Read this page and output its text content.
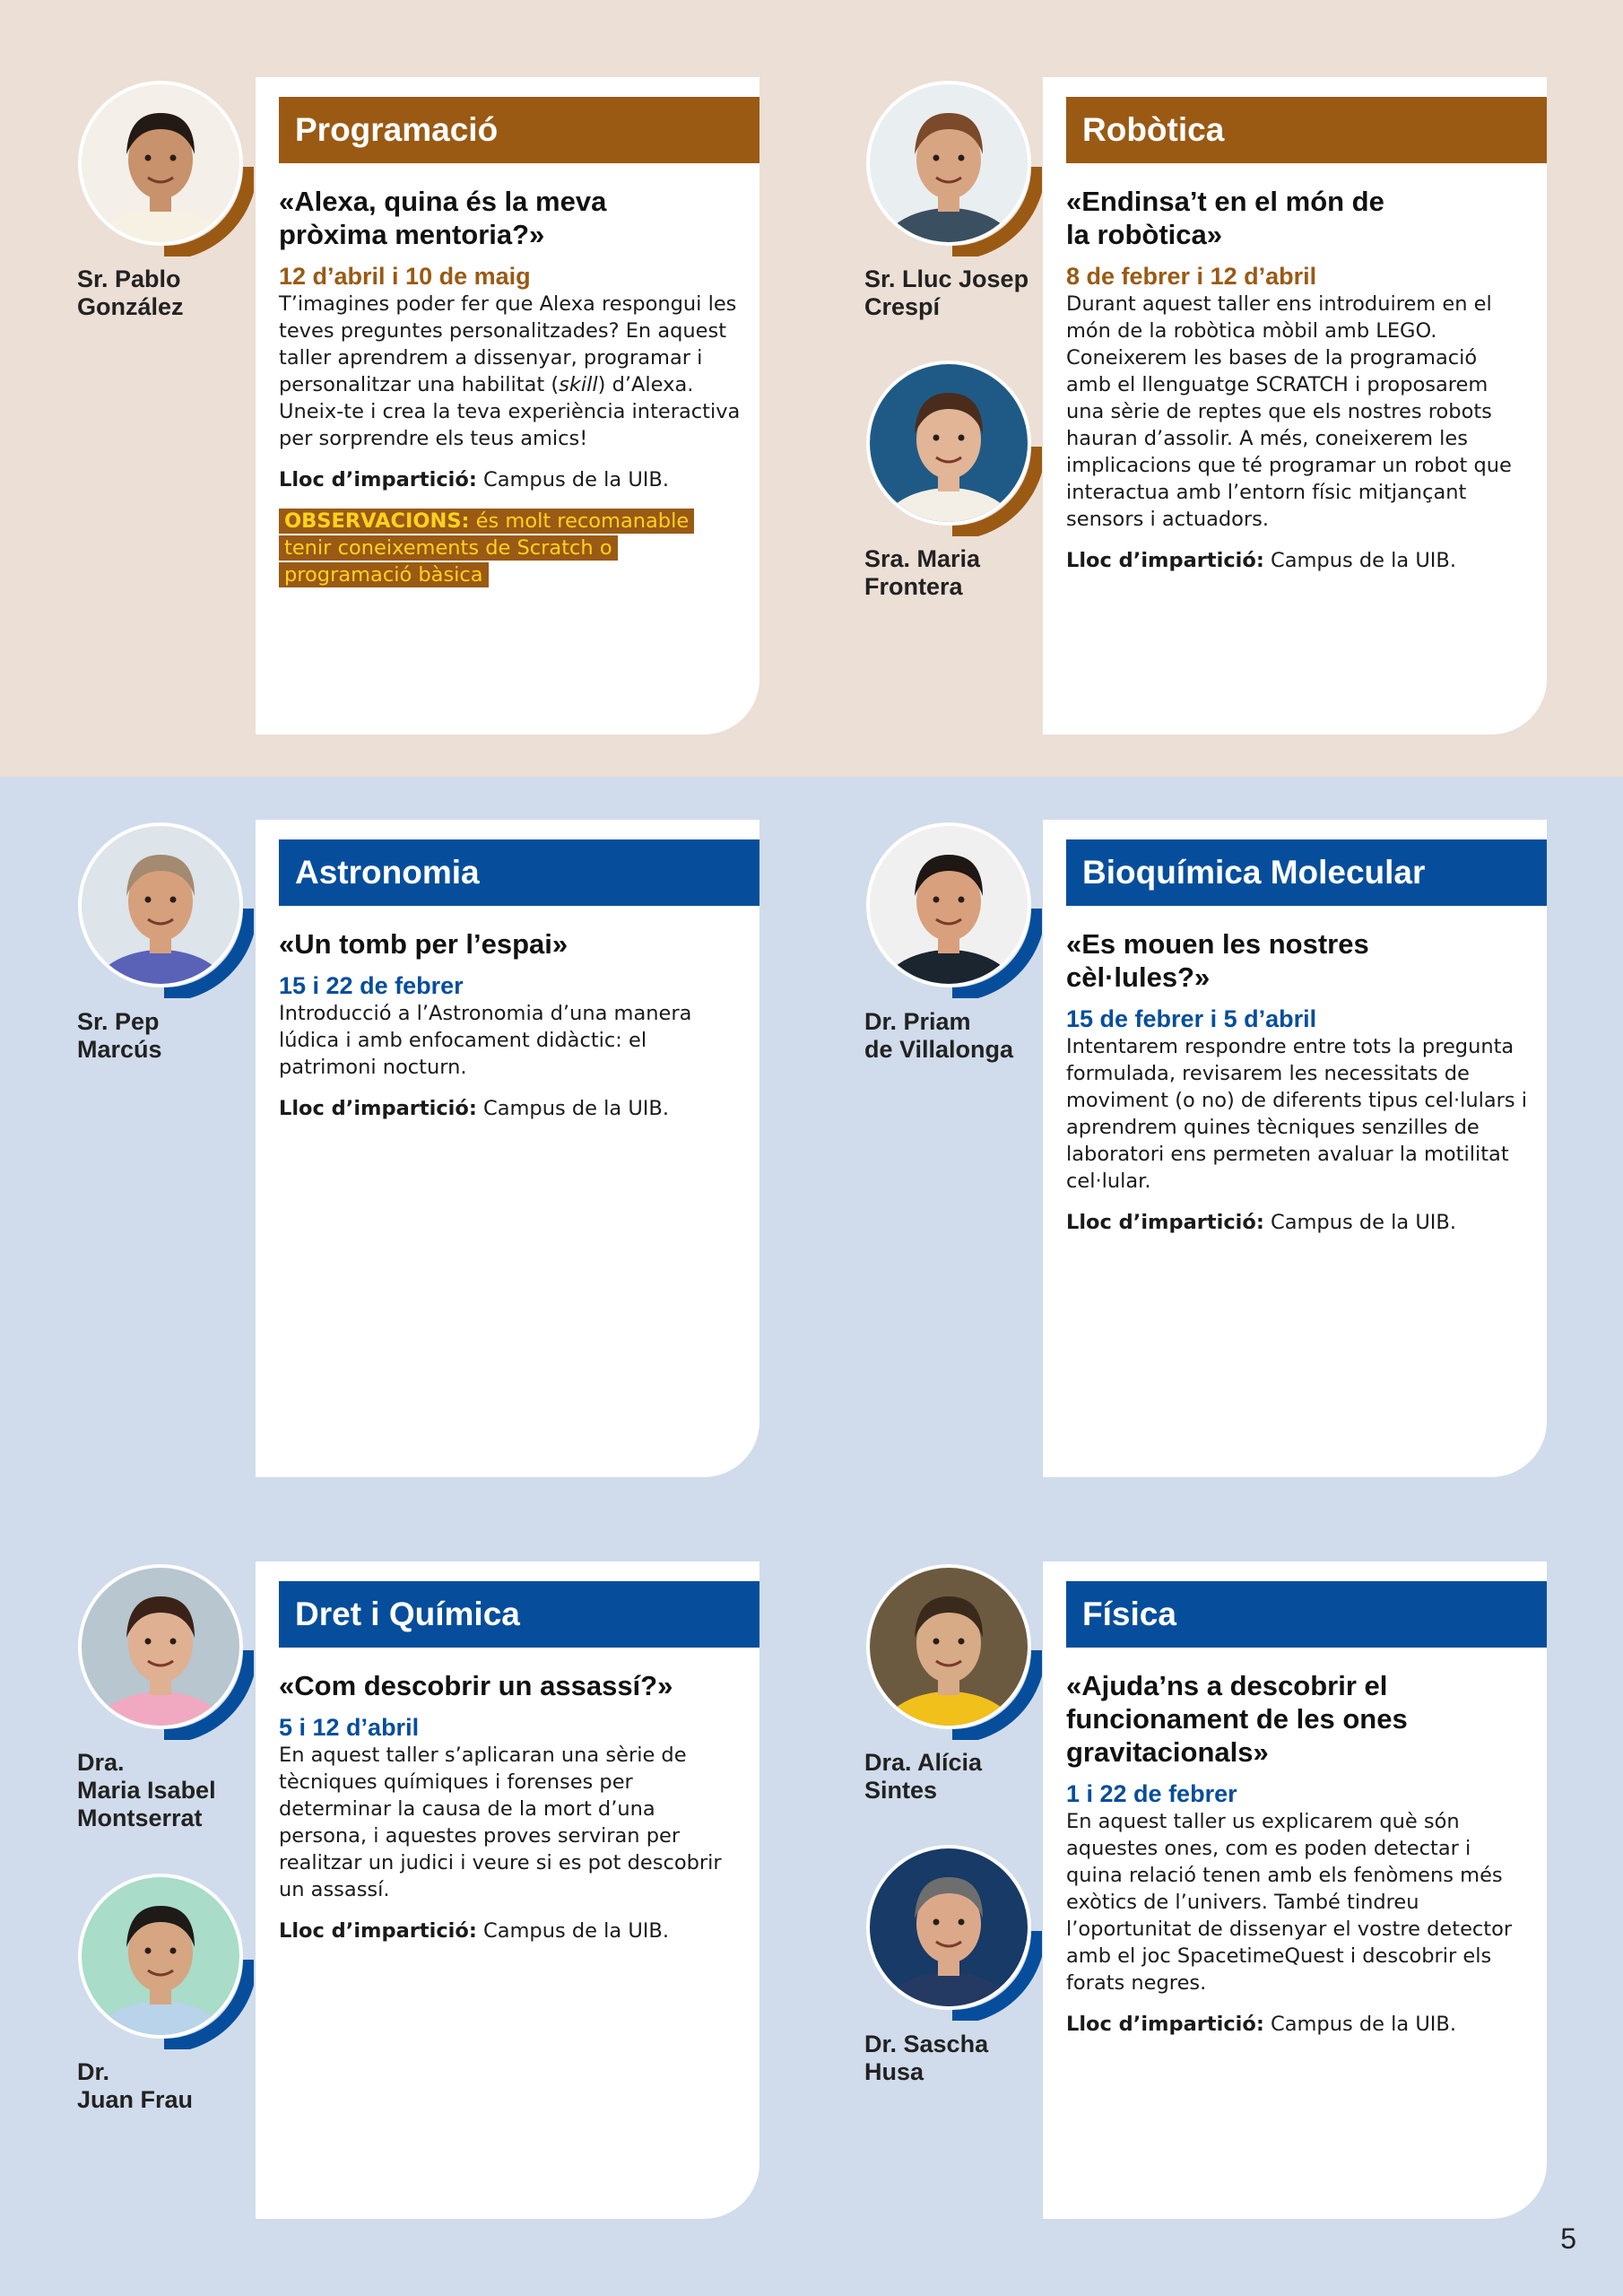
Programació
«Alexa, quina és la meva pròxima mentoria?»

12 d’abril i 10 de maig

T’imagines poder fer que Alexa respongui les teves preguntes personalitzades? En aquest taller aprendrem a dissenyar, programar i personalitzar una habilitat (skill) d’Alexa. Uneix-te i crea la teva experiència interactiva per sorprendre els teus amics!

Lloc d’impartició: Campus de la UIB.

OBSERVACIONS: és molt recomanable tenir coneixements de Scratch o programació bàsica
Robòtica
«Endinsa’t en el món de la robòtica»

8 de febrer i 12 d’abril

Durant aquest taller ens introduirem en el món de la robòtica mòbil amb LEGO. Coneixerem les bases de la programació amb el llenguatge SCRATCH i proposarem una sèrie de reptes que els nostres robots hauran d’assolir. A més, coneixerem les implicacions que té programar un robot que interactua amb l’entorn físic mitjançant sensors i actuadors.

Lloc d’impartició: Campus de la UIB.

Astronomia
«Un tomb per l’espai»

15 i 22 de febrer

Introducció a l’Astronomia d’una manera lúdica i amb enfocament didàctic: el patrimoni nocturn.

Lloc d’impartició: Campus de la UIB.

Bioquímica Molecular
«Es mouen les nostres cèl·lules?»

15 de febrer i 5 d’abril

Intentarem respondre entre tots la pregunta formulada, revisarem les necessitats de moviment (o no) de diferents tipus cel·lulars i aprendrem quines tècniques senzilles de laboratori ens permeten avaluar la motilitat cel·lular.

Lloc d’impartició: Campus de la UIB.

Dret i Química
«Com descobrir un assassí?»

5 i 12 d’abril

En aquest taller s’aplicaran una sèrie de tècniques químiques i forenses per determinar la causa de la mort d’una persona, i aquestes proves serviran per realitzar un judici i veure si es pot descobrir un assassí.

Lloc d’impartició: Campus de la UIB.

Física
«Ajuda’ns a descobrir el funcionament de les ones gravitacionals»

1 i 22 de febrer

En aquest taller us explicarem què són aquestes ones, com es poden detectar i quina relació tenen amb els fenòmens més exòtics de l’univers. També tindreu l’oportunitat de dissenyar el vostre detector amb el joc SpacetimeQuest i descobrir els forats negres.

Lloc d’impartició: Campus de la UIB.

Sr. Pablo
González
Sr. Lluc Josep
Crespí
Sra. Maria
Frontera
Sr. Pep
Marcús
Dr. Priam
de Villalonga
Dra.
Maria Isabel
Montserrat
Dr.
Juan Frau
Dra. Alícia
Sintes
Dr. Sascha
Husa
5
